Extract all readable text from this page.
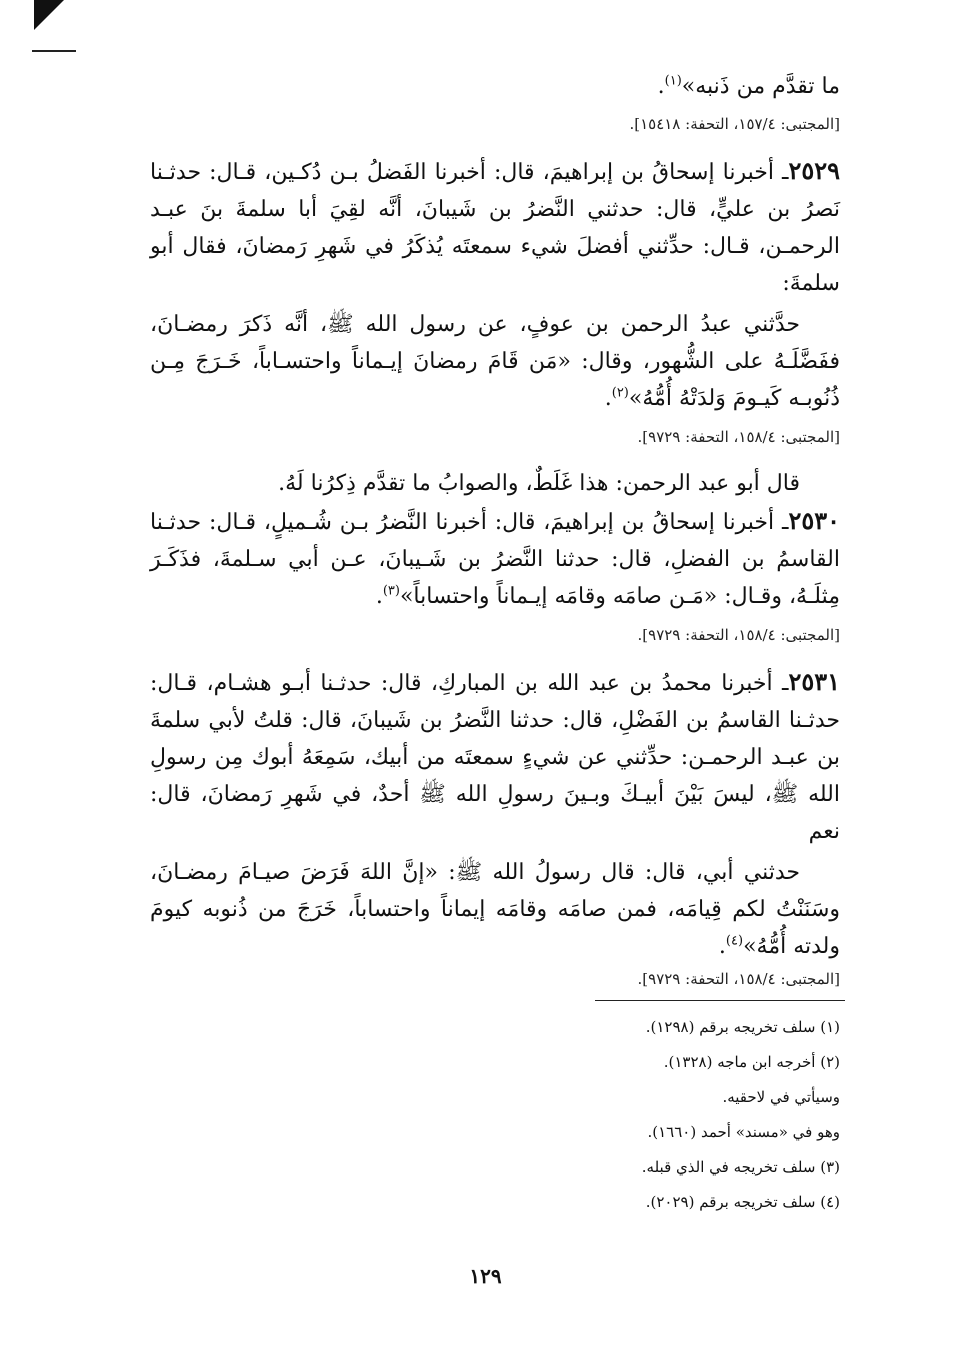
ما تقدَّم من ذَنبه»$^{(١)}$.

[المجتبى: ١٥٧/٤، التحفة: ١٥٤١٨].

٢٥٢٩ـ أخبرنا إسحاقُ بن إبراهيمَ، قال: أخبرنا الفَضلُ بـن دُكـين، قـال: حدثـنا نَصرُ بن عليٍّ، قال: حدثني النَّضرُ بن شَيبانَ، أنَّه لقِيَ أبا سلمةَ بنَ عبـد الرحمـن، قـال: حدِّثني أفضلَ شيء سمعتَه يُذكَرُ في شَهرِ رَمضانَ، فقال أبو سلمةَ:

حدَّثني عبدُ الرحمن بن عوفٍ، عن رسول الله ﷺ، أنَّه ذَكرَ رمضـانَ، ففَضَّلَـهُ على الشُّهور، وقال: «مَن قَامَ رمضانَ إيـماناً واحتسـاباً، خَـرَجَ مِـن ذُنُوبـه كَيـومَ وَلدَتْهُ أُمُّهُ»$^{(٢)}$.

[المجتبى: ١٥٨/٤، التحفة: ٩٧٢٩].

قال أبو عبد الرحمن: هذا غَلَطٌ، والصوابُ ما تقدَّم ذِكرُنا لَهُ.

٢٥٣٠ـ أخبرنا إسحاقُ بن إبراهيمَ، قال: أخبرنا النَّضرُ بـن شُـميلٍ، قـال: حدثـنا القاسمُ بن الفضلِ، قال: حدثنا النَّضرُ بن شَـيبانَ، عـن أبي سـلمةَ، فذَكَـرَ مِثلَـهُ، وقـال: «مَـن صامَه وقامَه إيـماناً واحتساباً»$^{(٣)}$.

[المجتبى: ١٥٨/٤، التحفة: ٩٧٢٩].

٢٥٣١ـ أخبرنا محمدُ بن عبد الله بن المباركِ، قال: حدثـنا أبـو هشـام، قـال: حدثـنا القاسمُ بن الفَضْلِ، قال: حدثنا النَّضرُ بن شَيبانَ، قال: قلتُ لأبي سلمةَ بن عبـد الرحمـن: حدِّثني عن شيءٍ سمعتَه من أبيك، سَمِعَهُ أبوك مِن رسولِ الله ﷺ، ليسَ بَيْنَ أبيـكَ وبـينَ رسولِ الله ﷺ أحدٌ، في شَهرِ رَمضانَ، قال: نعم

حدثني أبي، قال: قال رسولُ الله ﷺ: «إنَّ اللهَ فَرَضَ صيـامَ رمضـانَ، وسَنَنْتُ لكم قِيامَه، فمن صامَه وقامَه إيماناً واحتساباً، خَرَجَ من ذُنوبه كيومَ ولدته أُمُّهُ»$^{(٤)}$.

[المجتبى: ١٥٨/٤، التحفة: ٩٧٢٩].

(١) سلف تخريجه برقم (١٢٩٨).

(٢) أخرجه ابن ماجه (١٣٢٨).

وسيأتي في لاحقيه.

وهو في «مسند» أحمد (١٦٦٠).

(٣) سلف تخريجه في الذي قبله.

(٤) سلف تخريجه برقم (٢٠٢٩).

١٢٩
